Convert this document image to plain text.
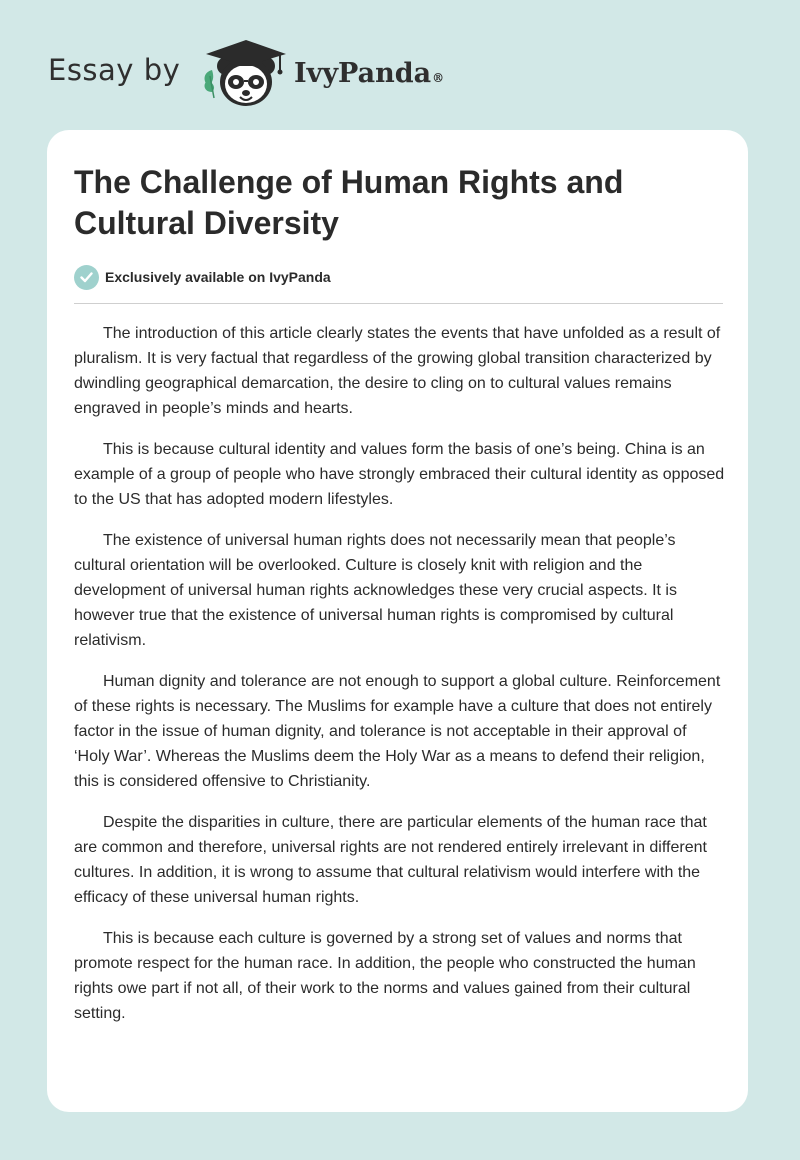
Essay by	IvyPanda®
The Challenge of Human Rights and Cultural Diversity
Exclusively available on IvyPanda

The introduction of this article clearly states the events that have unfolded as a result of pluralism. It is very factual that regardless of the growing global transition characterized by dwindling geographical demarcation, the desire to cling on to cultural values remains engraved in people’s minds and hearts.

This is because cultural identity and values form the basis of one’s being. China is an example of a group of people who have strongly embraced their cultural identity as opposed to the US that has adopted modern lifestyles.

The existence of universal human rights does not necessarily mean that people’s cultural orientation will be overlooked. Culture is closely knit with religion and the development of universal human rights acknowledges these very crucial aspects. It is however true that the existence of universal human rights is compromised by cultural relativism.

Human dignity and tolerance are not enough to support a global culture. Reinforcement of these rights is necessary. The Muslims for example have a culture that does not entirely factor in the issue of human dignity, and tolerance is not acceptable in their approval of ‘Holy War’. Whereas the Muslims deem the Holy War as a means to defend their religion, this is considered offensive to Christianity.

Despite the disparities in culture, there are particular elements of the human race that are common and therefore, universal rights are not rendered entirely irrelevant in different cultures. In addition, it is wrong to assume that cultural relativism would interfere with the efficacy of these universal human rights.

This is because each culture is governed by a strong set of values and norms that promote respect for the human race. In addition, the people who constructed the human rights owe part if not all, of their work to the norms and values gained from their cultural setting.
